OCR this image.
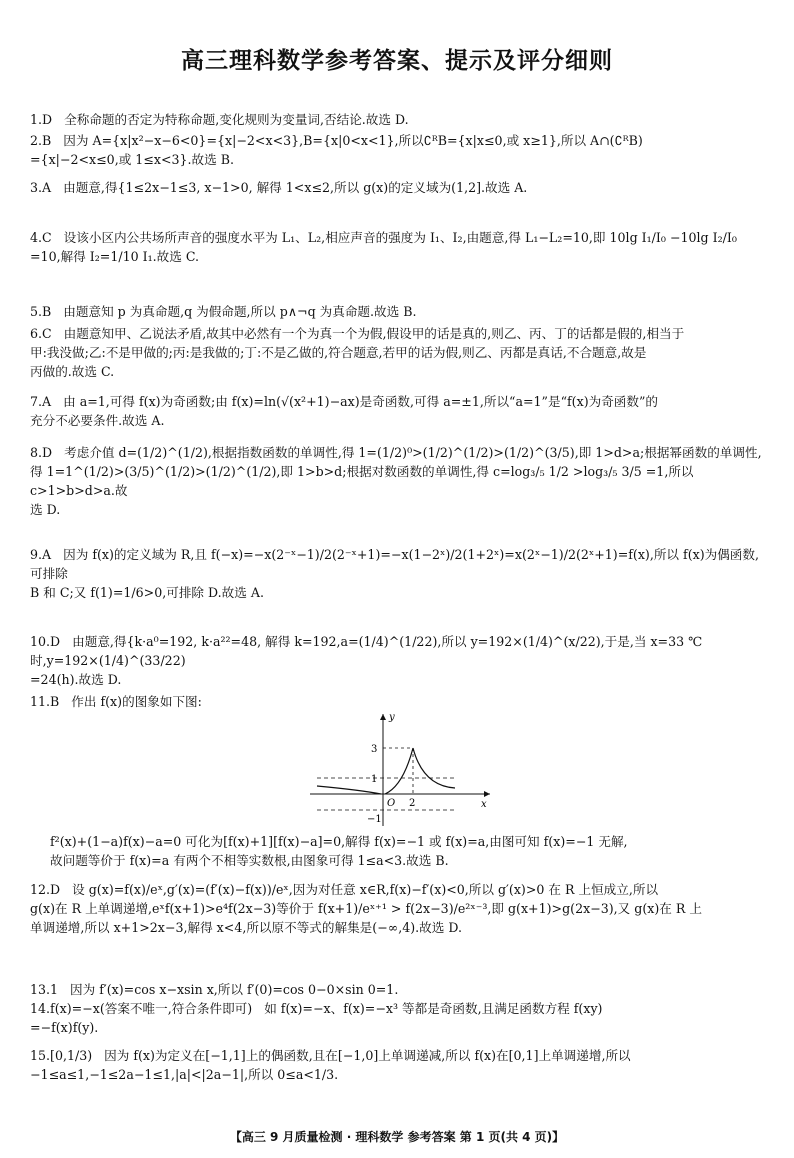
高三理科数学参考答案、提示及评分细则
1.D 全称命题的否定为特称命题,变化规则为变量词,否结论.故选 D.
2.B 因为 A={x|x²−x−6<0}={x|−2<x<3},B={x|0<x<1},所以∁ᴿB={x|x≤0,或 x≥1},所以 A∩(∁ᴿB)
={x|−2<x≤0,或 1≤x<3}.故选 B.
3.A 由题意,得{1≤2x−1≤3, x−1>0, 解得 1<x≤2,所以 g(x)的定义域为(1,2].故选 A.
4.C 设该小区内公共场所声音的强度水平为 L₁、L₂,相应声音的强度为 I₁、I₂,由题意,得 L₁−L₂=10,即 10lg I₁/I₀ −10lg I₂/I₀
=10,解得 I₂=1/10 I₁.故选 C.
5.B 由题意知 p 为真命题,q 为假命题,所以 p∧¬q 为真命题.故选 B.
6.C 由题意知甲、乙说法矛盾,故其中必然有一个为真一个为假,假设甲的话是真的,则乙、丙、丁的话都是假的,相当于
甲:我没做;乙:不是甲做的;丙:是我做的;丁:不是乙做的,符合题意,若甲的话为假,则乙、丙都是真话,不合题意,故是
丙做的.故选 C.
7.A 由 a=1,可得 f(x)为奇函数;由 f(x)=ln(√(x²+1)−ax)是奇函数,可得 a=±1,所以“a=1”是“f(x)为奇函数”的
充分不必要条件.故选 A.
8.D 考虑介值 d=(1/2)^(1/2),根据指数函数的单调性,得 1=(1/2)⁰>(1/2)^(1/2)>(1/2)^(3/5),即 1>d>a;根据幂函数的单调性,
得 1=1^(1/2)>(3/5)^(1/2)>(1/2)^(1/2),即 1>b>d;根据对数函数的单调性,得 c=log₃/₅ 1/2 >log₃/₅ 3/5 =1,所以 c>1>b>d>a.故
选 D.
9.A 因为 f(x)的定义域为 R,且 f(−x)=−x(2⁻ˣ−1)/2(2⁻ˣ+1)=−x(1−2ˣ)/2(1+2ˣ)=x(2ˣ−1)/2(2ˣ+1)=f(x),所以 f(x)为偶函数,可排除
B 和 C;又 f(1)=1/6>0,可排除 D.故选 A.
10.D 由题意,得{k·a⁰=192, k·a²²=48, 解得 k=192,a=(1/4)^(1/22),所以 y=192×(1/4)^(x/22),于是,当 x=33 ℃时,y=192×(1/4)^(33/22)
=24(h).故选 D.
11.B 作出 f(x)的图象如下图:
f²(x)+(1−a)f(x)−a=0 可化为[f(x)+1][f(x)−a]=0,解得 f(x)=−1 或 f(x)=a,由图可知 f(x)=−1 无解,
故问题等价于 f(x)=a 有两个不相等实数根,由图象可得 1≤a<3.故选 B.
12.D 设 g(x)=f(x)/eˣ,g′(x)=(f′(x)−f(x))/eˣ,因为对任意 x∈R,f(x)−f′(x)<0,所以 g′(x)>0 在 R 上恒成立,所以
g(x)在 R 上单调递增,eˣf(x+1)>e⁴f(2x−3)等价于 f(x+1)/eˣ⁺¹ > f(2x−3)/e²ˣ⁻³,即 g(x+1)>g(2x−3),又 g(x)在 R 上
单调递增,所以 x+1>2x−3,解得 x<4,所以原不等式的解集是(−∞,4).故选 D.
13.1 因为 f′(x)=cos x−xsin x,所以 f′(0)=cos 0−0×sin 0=1.
14.f(x)=−x(答案不唯一,符合条件即可) 如 f(x)=−x、f(x)=−x³ 等都是奇函数,且满足函数方程 f(xy)
=−f(x)f(y).
15.[0,1/3) 因为 f(x)为定义在[−1,1]上的偶函数,且在[−1,0]上单调递减,所以 f(x)在[0,1]上单调递增,所以
−1≤a≤1,−1≤2a−1≤1,|a|<|2a−1|,所以 0≤a<1/3.
y
x
O 2
3
1
−1
【高三 9 月质量检测 · 理科数学 参考答案 第 1 页(共 4 页)】
